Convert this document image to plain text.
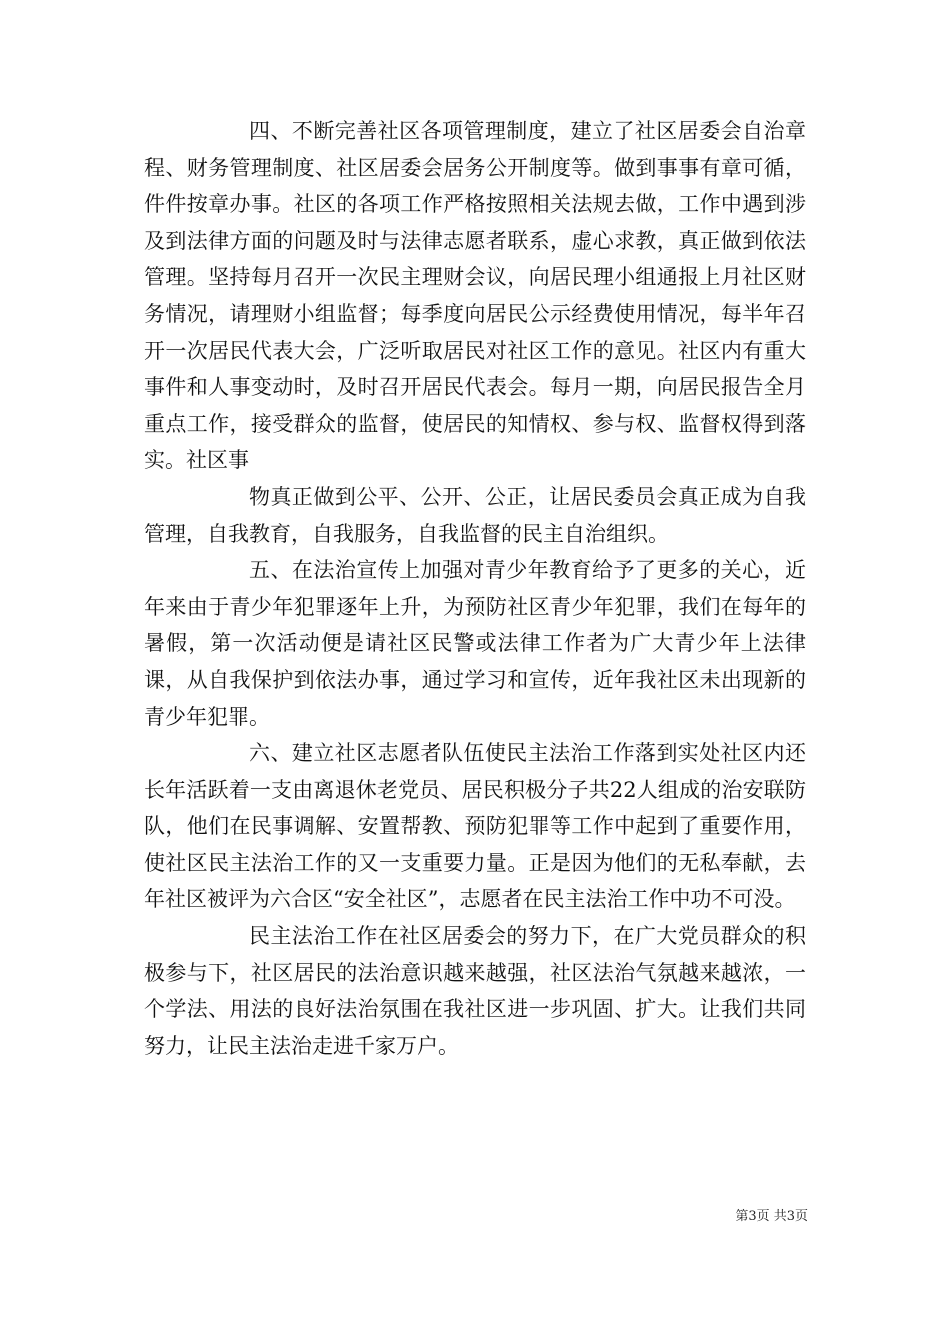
四、不断完善社区各项管理制度，建立了社区居委会自治章程、财务管理制度、社区居委会居务公开制度等。做到事事有章可循，件件按章办事。社区的各项工作严格按照相关法规去做，工作中遇到涉及到法律方面的问题及时与法律志愿者联系，虚心求教，真正做到依法管理。坚持每月召开一次民主理财会议，向居民理小组通报上月社区财务情况，请理财小组监督；每季度向居民公示经费使用情况，每半年召开一次居民代表大会，广泛听取居民对社区工作的意见。社区内有重大事件和人事变动时，及时召开居民代表会。每月一期，向居民报告全月重点工作，接受群众的监督，使居民的知情权、参与权、监督权得到落实。社区事

物真正做到公平、公开、公正，让居民委员会真正成为自我管理，自我教育，自我服务，自我监督的民主自治组织。

五、在法治宣传上加强对青少年教育给予了更多的关心，近年来由于青少年犯罪逐年上升，为预防社区青少年犯罪，我们在每年的暑假，第一次活动便是请社区民警或法律工作者为广大青少年上法律课，从自我保护到依法办事，通过学习和宣传，近年我社区未出现新的青少年犯罪。

六、建立社区志愿者队伍使民主法治工作落到实处社区内还长年活跃着一支由离退休老党员、居民积极分子共22人组成的治安联防队，他们在民事调解、安置帮教、预防犯罪等工作中起到了重要作用，使社区民主法治工作的又一支重要力量。正是因为他们的无私奉献，去年社区被评为六合区“安全社区”，志愿者在民主法治工作中功不可没。

民主法治工作在社区居委会的努力下，在广大党员群众的积极参与下，社区居民的法治意识越来越强，社区法治气氛越来越浓，一个学法、用法的良好法治氛围在我社区进一步巩固、扩大。让我们共同努力，让民主法治走进千家万户。

第3页 共3页
